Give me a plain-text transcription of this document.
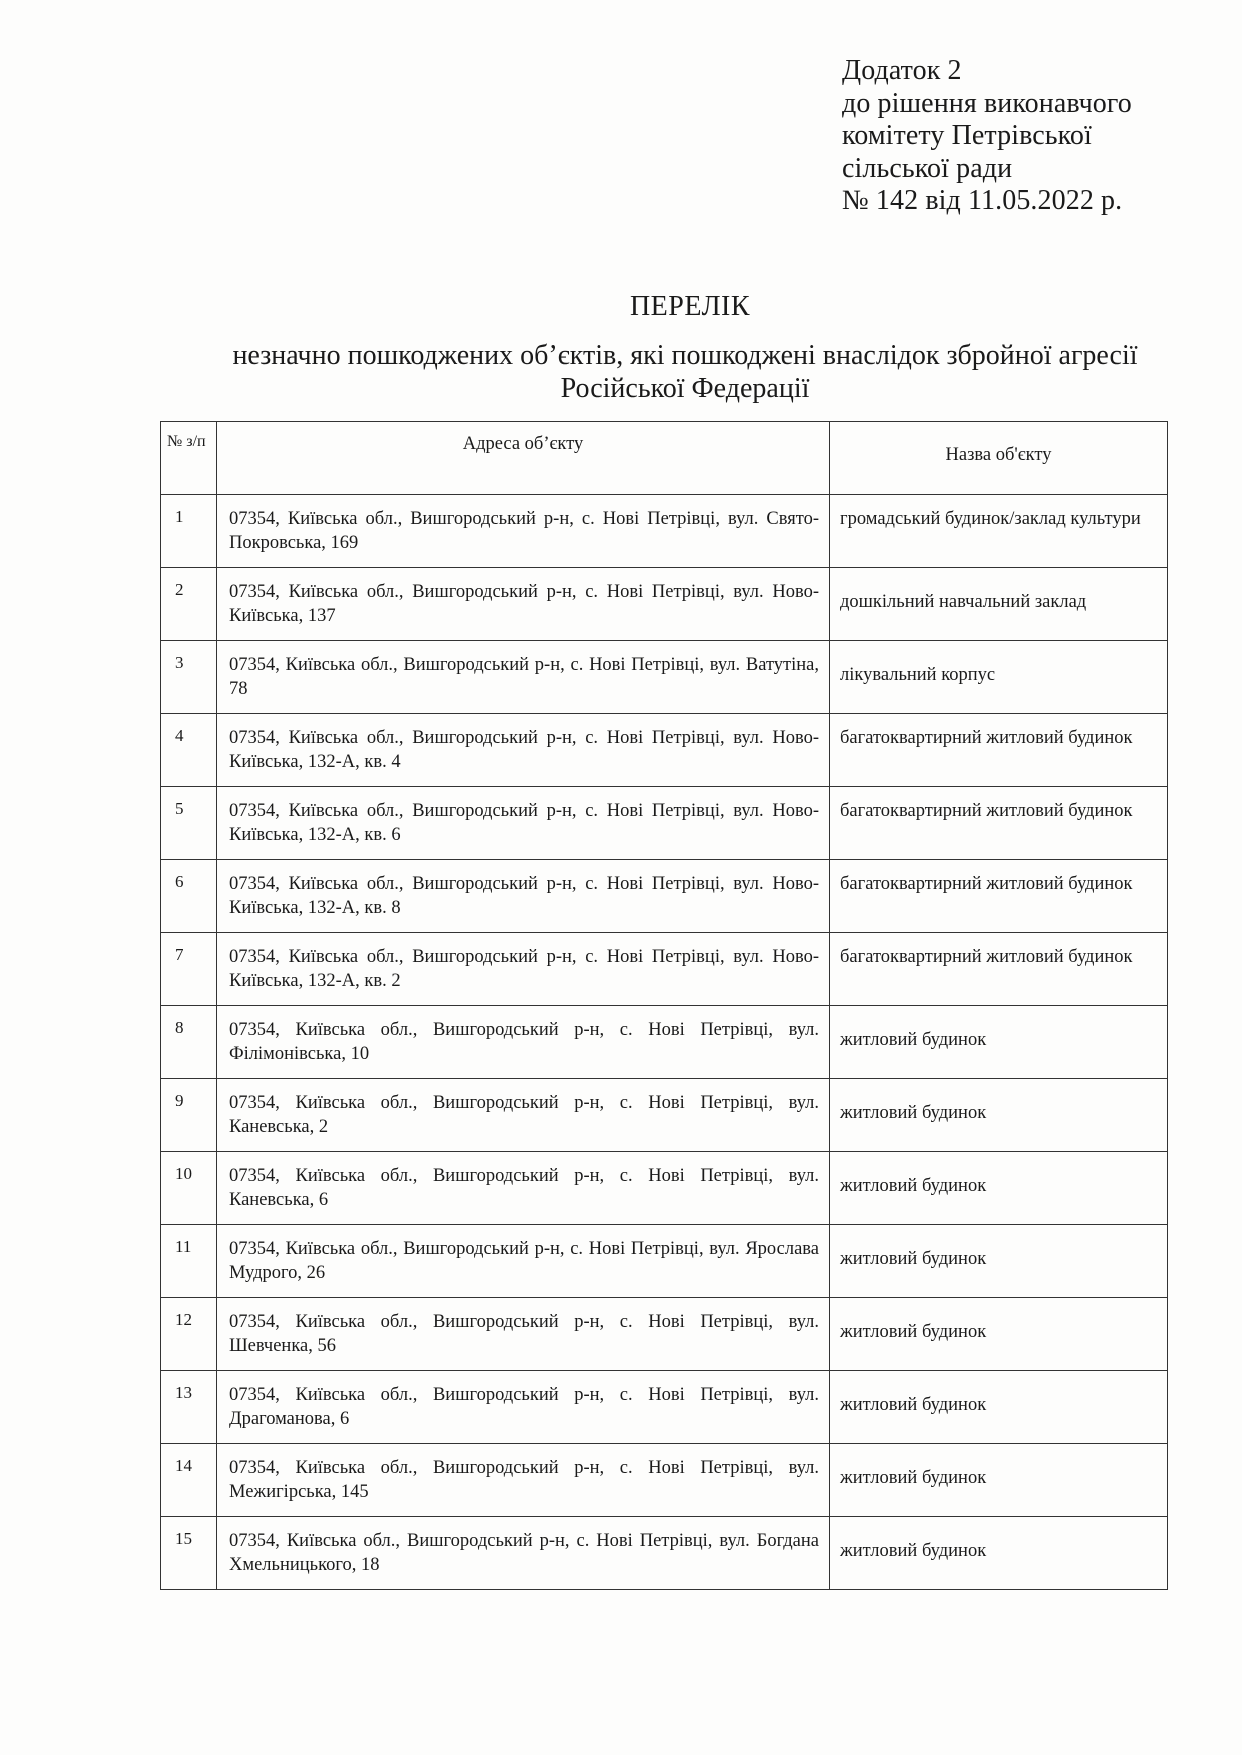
Додаток 2
до рішення виконавчого
комітету Петрівської
сільської ради
№ 142 від 11.05.2022 р.
ПЕРЕЛІК
незначно пошкоджених об’єктів, які пошкоджені внаслідок збройної агресії Російської Федерації
№ з/п	Адреса об’єкту	Назва об'єкту
1	07354, Київська обл., Вишгородський р-н, с. Нові Петрівці, вул. Свято-Покровська, 169	громадський будинок/заклад культури
2	07354, Київська обл., Вишгородський р-н, с. Нові Петрівці, вул. Ново-Київська, 137	дошкільний навчальний заклад
3	07354, Київська обл., Вишгородський р-н, с. Нові Петрівці, вул. Ватутіна, 78	лікувальний корпус
4	07354, Київська обл., Вишгородський р-н, с. Нові Петрівці, вул. Ново-Київська, 132-А, кв. 4	багатоквартирний житловий будинок
5	07354, Київська обл., Вишгородський р-н, с. Нові Петрівці, вул. Ново-Київська, 132-А, кв. 6	багатоквартирний житловий будинок
6	07354, Київська обл., Вишгородський р-н, с. Нові Петрівці, вул. Ново-Київська, 132-А, кв. 8	багатоквартирний житловий будинок
7	07354, Київська обл., Вишгородський р-н, с. Нові Петрівці, вул. Ново-Київська, 132-А, кв. 2	багатоквартирний житловий будинок
8	07354, Київська обл., Вишгородський р-н, с. Нові Петрівці, вул. Філімонівська, 10	житловий будинок
9	07354, Київська обл., Вишгородський р-н, с. Нові Петрівці, вул. Каневська, 2	житловий будинок
10	07354, Київська обл., Вишгородський р-н, с. Нові Петрівці, вул. Каневська, 6	житловий будинок
11	07354, Київська обл., Вишгородський р-н, с. Нові Петрівці, вул. Ярослава Мудрого, 26	житловий будинок
12	07354, Київська обл., Вишгородський р-н, с. Нові Петрівці, вул. Шевченка, 56	житловий будинок
13	07354, Київська обл., Вишгородський р-н, с. Нові Петрівці, вул. Драгоманова, 6	житловий будинок
14	07354, Київська обл., Вишгородський р-н, с. Нові Петрівці, вул. Межигірська, 145	житловий будинок
15	07354, Київська обл., Вишгородський р-н, с. Нові Петрівці, вул. Богдана Хмельницького, 18	житловий будинок
